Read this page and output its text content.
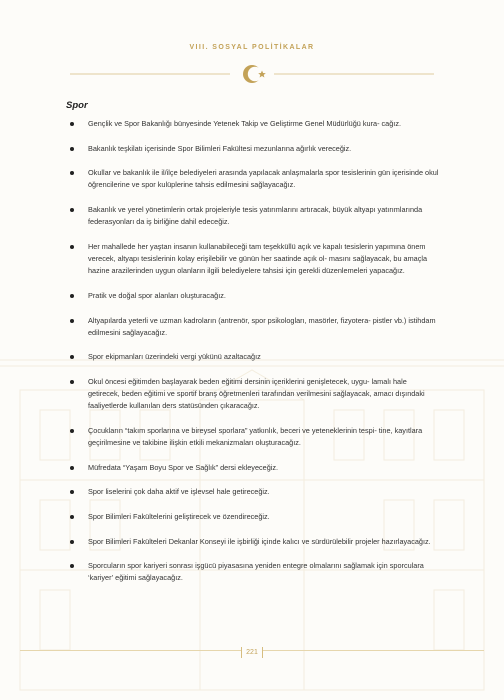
VIII. SOSYAL POLİTİKALAR
Spor
Gençlik ve Spor Bakanlığı bünyesinde Yetenek Takip ve Geliştirme Genel Müdürlüğü kura- cağız.
Bakanlık teşkilatı içerisinde Spor Bilimleri Fakültesi mezunlarına ağırlık vereceğiz.
Okullar ve bakanlık ile il/ilçe belediyeleri arasında yapılacak anlaşmalarla spor tesislerinin gün içerisinde okul öğrencilerine ve spor kulüplerine tahsis edilmesini sağlayacağız.
Bakanlık ve yerel yönetimlerin ortak projeleriyle tesis yatırımlarını artıracak, büyük altyapı yatırımlarında federasyonları da iş birliğine dahil edeceğiz.
Her mahallede her yaştan insanın kullanabileceği tam teşekküllü açık ve kapalı tesislerin yapımına önem verecek, altyapı tesislerinin kolay erişilebilir ve günün her saatinde açık ol- masını sağlayacak, bu amaçla hazine arazilerinden uygun olanların ilgili belediyelere tahsisi için gerekli düzenlemeleri yapacağız.
Pratik ve doğal spor alanları oluşturacağız.
Altyapılarda yeterli ve uzman kadroların (antrenör, spor psikologları, masörler, fizyotera- pistler vb.) istihdam edilmesini sağlayacağız.
Spor ekipmanları üzerindeki vergi yükünü azaltacağız
Okul öncesi eğitimden başlayarak beden eğitimi dersinin içeriklerini genişletecek, uygu- lamalı hale getirecek, beden eğitimi ve sportif branş öğretmenleri tarafından verilmesini sağlayacak, amacı dışındaki faaliyetlerde kullanılan ders statüsünden çıkaracağız.
Çocukların “takım sporlarına ve bireysel sporlara” yatkınlık, beceri ve yeteneklerinin tespi- tine, kayıtlara geçirilmesine ve takibine ilişkin etkili mekanizmaları oluşturacağız.
Müfredata “Yaşam Boyu Spor ve Sağlık” dersi ekleyeceğiz.
Spor liselerini çok daha aktif ve işlevsel hale getireceğiz.
Spor Bilimleri Fakültelerini geliştirecek ve özendireceğiz.
Spor Bilimleri Fakülteleri Dekanlar Konseyi ile işbirliği içinde kalıcı ve sürdürülebilir projeler hazırlayacağız.
Sporcuların spor kariyeri sonrası işgücü piyasasına yeniden entegre olmalarını sağlamak için sporculara ‘kariyer’ eğitimi sağlayacağız.
221
